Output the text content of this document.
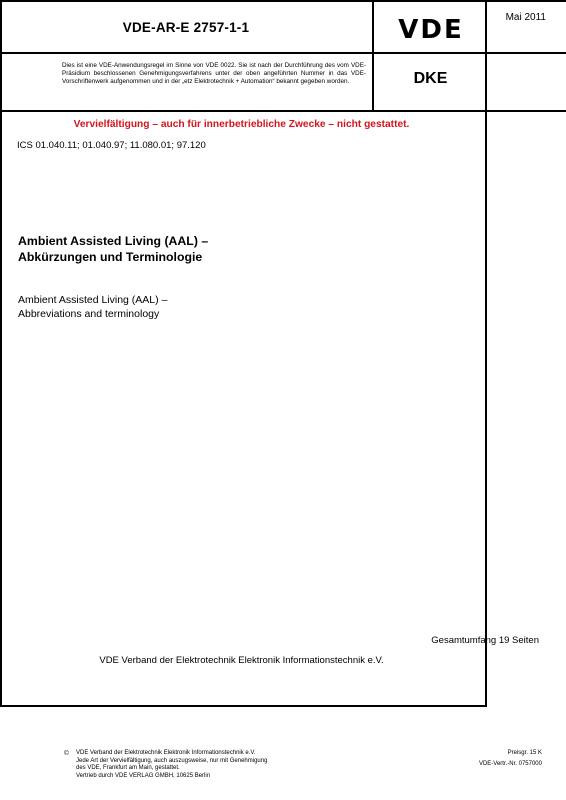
Mai 2011
VDE-AR-E 2757-1-1
Dies ist eine VDE-Anwendungsregel im Sinne von VDE 0022. Sie ist nach der Durchführung des vom VDE-Präsidium beschlossenen Genehmigungsverfahrens unter der oben angeführten Nummer in das VDE-Vorschriftenwerk aufgenommen und in der „etz Elektrotechnik + Automation“ bekannt gegeben worden.
VDE
DKE
Vervielfältigung – auch für innerbetriebliche Zwecke – nicht gestattet.
ICS 01.040.11; 01.040.97; 11.080.01; 97.120
Ambient Assisted Living (AAL) –
Abkürzungen und Terminologie
Ambient Assisted Living (AAL) –
Abbreviations and terminology
Gesamtumfang 19 Seiten
VDE Verband der Elektrotechnik Elektronik Informationstechnik e.V.
© VDE Verband der Elektrotechnik Elektronik Informationstechnik e.V.
Jede Art der Vervielfältigung, auch auszugsweise, nur mit Genehmigung
des VDE, Frankfurt am Main, gestattet.
Vertrieb durch VDE VERLAG GMBH, 10625 Berlin
Preisgr. 15 K
VDE-Vertr.-Nr. 0757000
